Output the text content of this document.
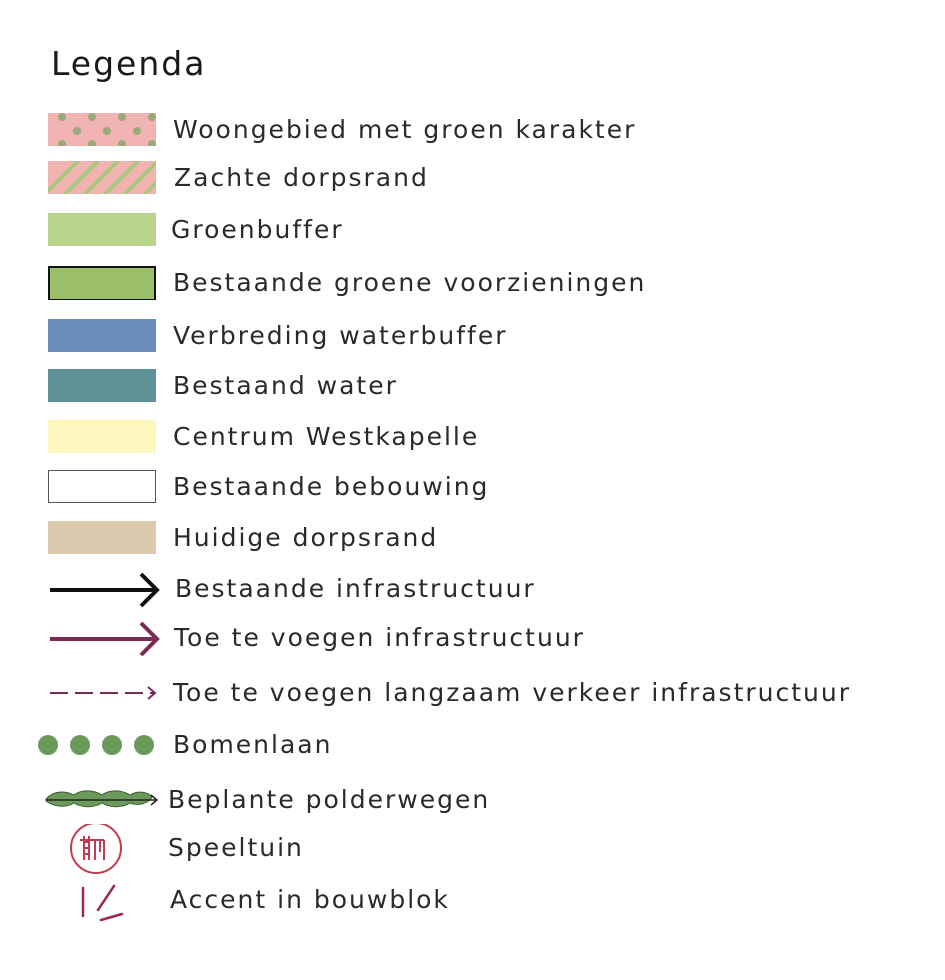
Legenda
Woongebied met groen karakter
Zachte dorpsrand
Groenbuffer
Bestaande groene voorzieningen
Verbreding waterbuffer
Bestaand water
Centrum Westkapelle
Bestaande bebouwing
Huidige dorpsrand
Bestaande infrastructuur
Toe te voegen infrastructuur
Toe te voegen langzaam verkeer infrastructuur
Bomenlaan
Beplante polderwegen
Speeltuin
Accent in bouwblok
